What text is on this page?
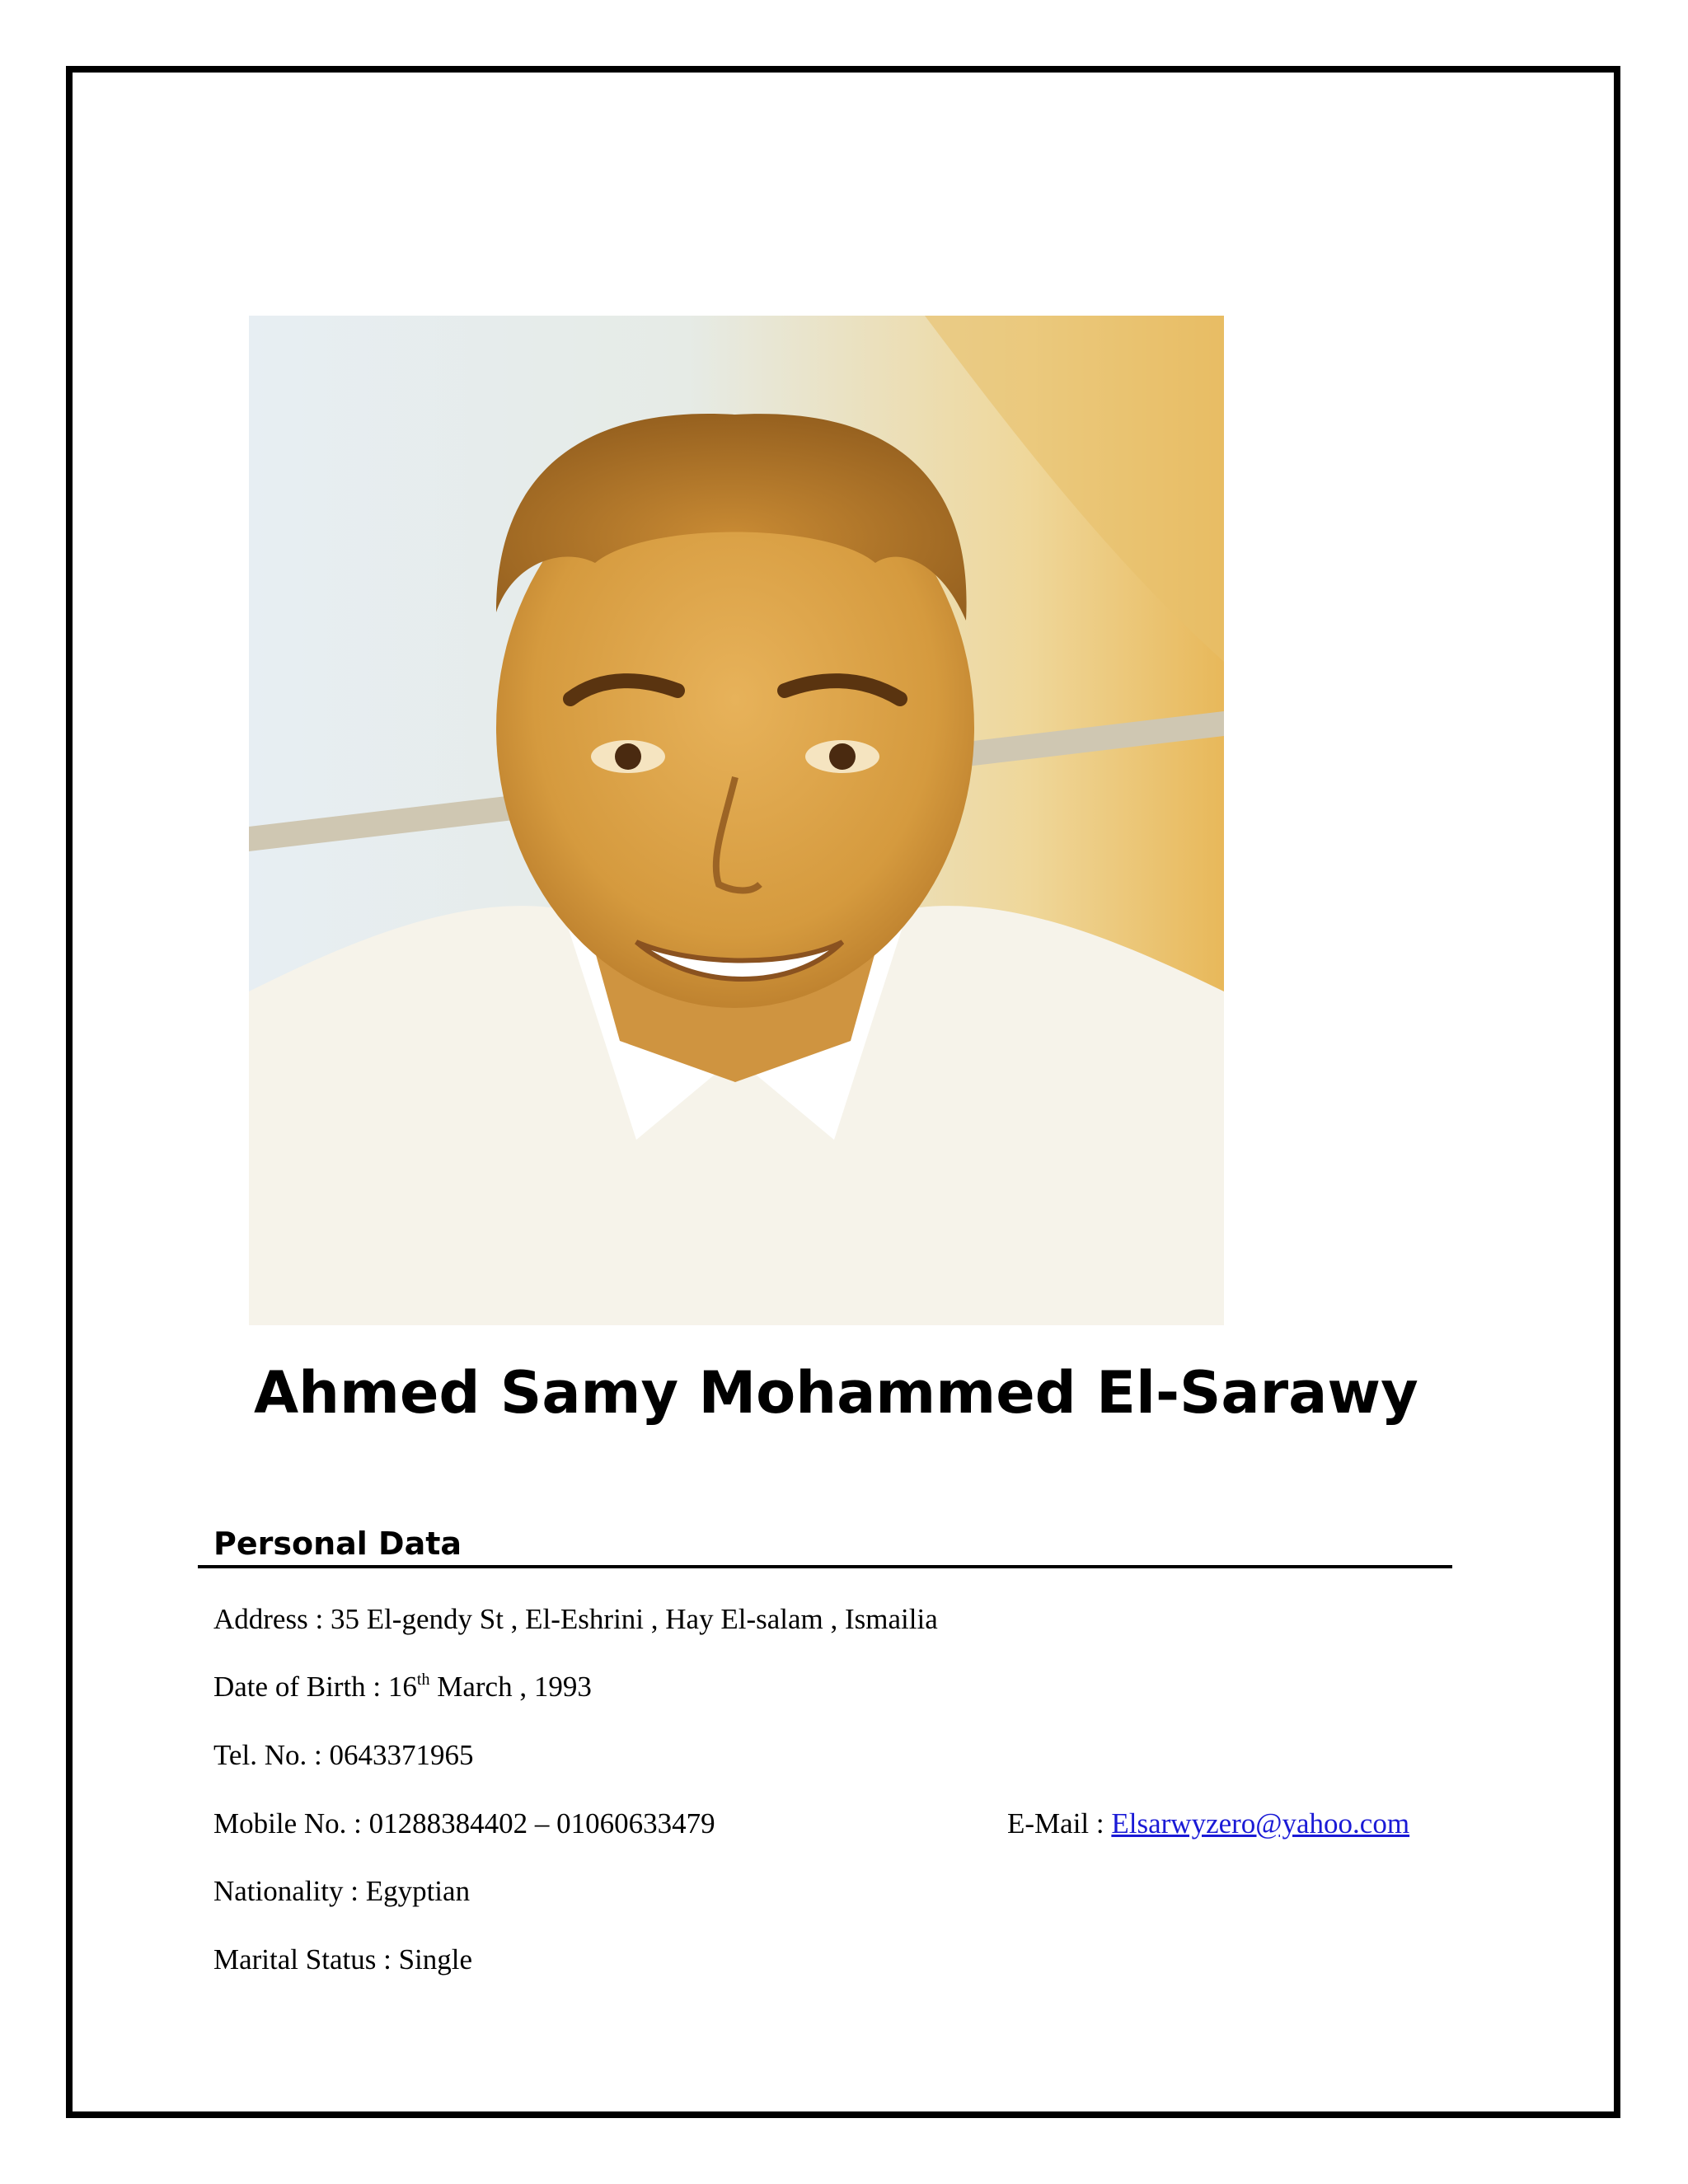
Ahmed Samy Mohammed El-Sarawy
Personal Data
Address : 35 El-gendy St , El-Eshrini , Hay El-salam , Ismailia
Date of Birth : 16th March , 1993
Tel. No. : 0643371965
Mobile No. : 01288384402 – 01060633479	E-Mail : Elsarwyzero@yahoo.com
Nationality : Egyptian
Marital Status : Single
